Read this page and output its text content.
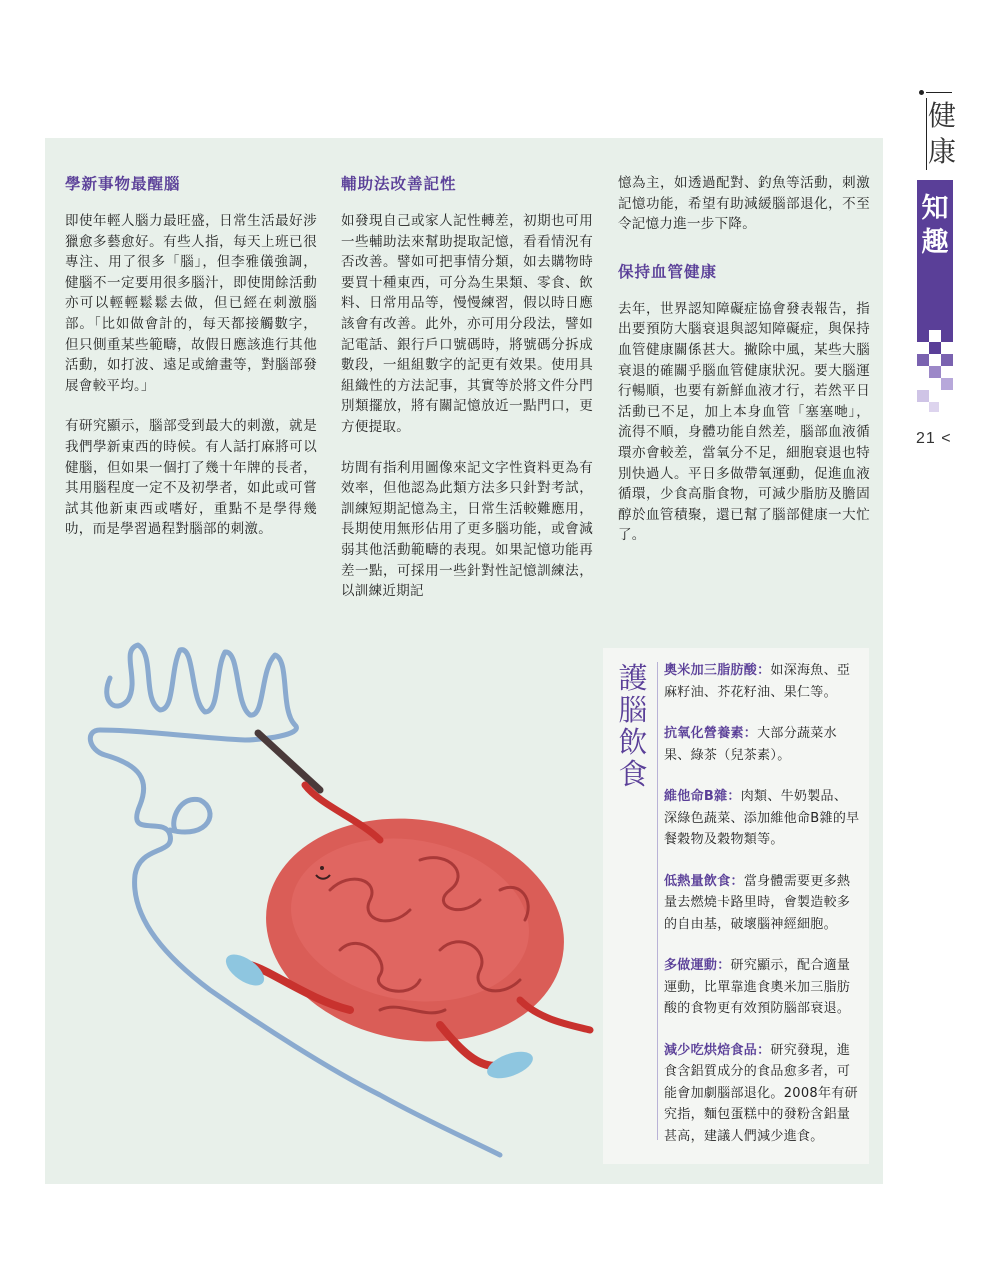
學新事物最醒腦

即使年輕人腦力最旺盛，日常生活最好涉獵愈多藝愈好。有些人指，每天上班已很專注、用了很多「腦」，但李雅儀強調，健腦不一定要用很多腦汁，即使閒餘活動亦可以輕輕鬆鬆去做，但已經在刺激腦部。「比如做會計的，每天都接觸數字，但只側重某些範疇，故假日應該進行其他活動，如打波、遠足或繪畫等，對腦部發展會較平均。」

有研究顯示，腦部受到最大的刺激，就是我們學新東西的時候。有人話打麻將可以健腦，但如果一個打了幾十年牌的長者，其用腦程度一定不及初學者，如此或可嘗試其他新東西或嗜好，重點不是學得幾叻，而是學習過程對腦部的刺激。

輔助法改善記性

如發現自己或家人記性轉差，初期也可用一些輔助法來幫助提取記憶，看看情況有否改善。譬如可把事情分類，如去購物時要買十種東西，可分為生果類、零食、飲料、日常用品等，慢慢練習，假以時日應該會有改善。此外，亦可用分段法，譬如記電話、銀行戶口號碼時，將號碼分拆成數段，一組組數字的記更有效果。使用具組織性的方法記事，其實等於將文件分門別類擺放，將有關記憶放近一點門口，更方便提取。

坊間有指利用圖像來記文字性資料更為有效率，但他認為此類方法多只針對考試，訓練短期記憶為主，日常生活較難應用，長期使用無形佔用了更多腦功能，或會減弱其他活動範疇的表現。如果記憶功能再差一點，可採用一些針對性記憶訓練法，以訓練近期記

憶為主，如透過配對、釣魚等活動，刺激記憶功能，希望有助減緩腦部退化，不至令記憶力進一步下降。

保持血管健康

去年，世界認知障礙症協會發表報告，指出要預防大腦衰退與認知障礙症，與保持血管健康關係甚大。撇除中風，某些大腦衰退的確關乎腦血管健康狀況。要大腦運行暢順，也要有新鮮血液才行，若然平日活動已不足，加上本身血管「塞塞哋」，流得不順，身體功能自然差，腦部血液循環亦會較差，當氧分不足，細胞衰退也特別快過人。平日多做帶氧運動，促進血液循環，少食高脂食物，可減少脂肪及膽固醇於血管積聚，還已幫了腦部健康一大忙了。

護
腦
飲
食
奧米加三脂肪酸：如深海魚、亞麻籽油、芥花籽油、果仁等。
抗氧化營養素：大部分蔬菜水果、綠茶（兒茶素）。
維他命B雜：肉類、牛奶製品、深綠色蔬菜、添加維他命B雜的早餐穀物及穀物類等。
低熱量飲食：當身體需要更多熱量去燃燒卡路里時，會製造較多的自由基，破壞腦神經細胞。
多做運動：研究顯示，配合適量運動，比單靠進食奧米加三脂肪酸的食物更有效預防腦部衰退。
減少吃烘焙食品：研究發現，進食含鋁質成分的食品愈多者，可能會加劇腦部退化。2008年有研究指，麵包蛋糕中的發粉含鋁量甚高，建議人們減少進食。
健
康
知
趣
21 <
